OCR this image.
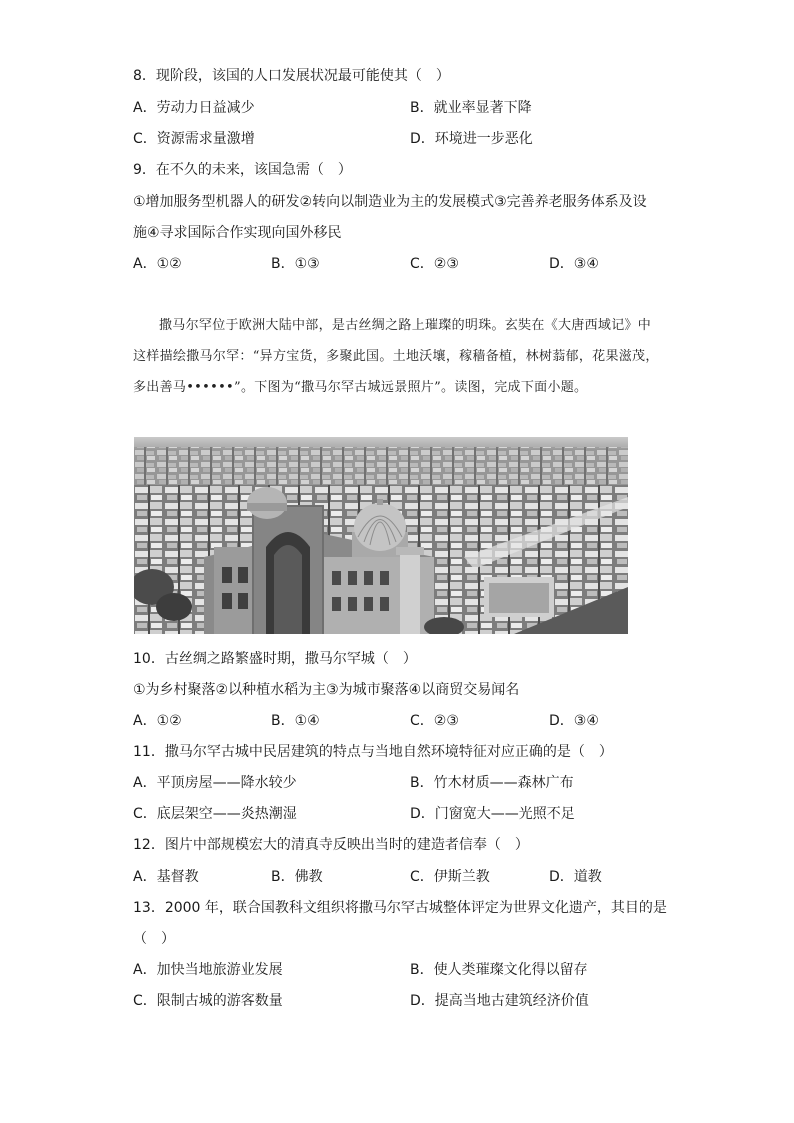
8．现阶段，该国的人口发展状况最可能使其（　）
A．劳动力日益减少	B．就业率显著下降
C．资源需求量激增	D．环境进一步恶化
9．在不久的未来，该国急需（　）
①增加服务型机器人的研发②转向以制造业为主的发展模式③完善养老服务体系及设
施④寻求国际合作实现向国外移民
A．①②	B．①③	C．②③	D．③④

撒马尔罕位于欧洲大陆中部，是古丝绸之路上璀璨的明珠。玄奘在《大唐西域记》中这样描绘撒马尔罕：“异方宝货，多聚此国。土地沃壤，稼穑备植，林树蓊郁，花果滋茂，多出善马••••••”。下图为“撒马尔罕古城远景照片”。读图，完成下面小题。

10．古丝绸之路繁盛时期，撒马尔罕城（　）
①为乡村聚落②以种植水稻为主③为城市聚落④以商贸交易闻名
A．①②	B．①④	C．②③	D．③④
11．撒马尔罕古城中民居建筑的特点与当地自然环境特征对应正确的是（　）
A．平顶房屋——降水较少	B．竹木材质——森林广布
C．底层架空——炎热潮湿	D．门窗宽大——光照不足
12．图片中部规模宏大的清真寺反映出当时的建造者信奉（　）
A．基督教	B．佛教	C．伊斯兰教	D．道教
13．2000 年，联合国教科文组织将撒马尔罕古城整体评定为世界文化遗产，其目的是
（　）
A．加快当地旅游业发展	B．使人类璀璨文化得以留存
C．限制古城的游客数量	D．提高当地古建筑经济价值
